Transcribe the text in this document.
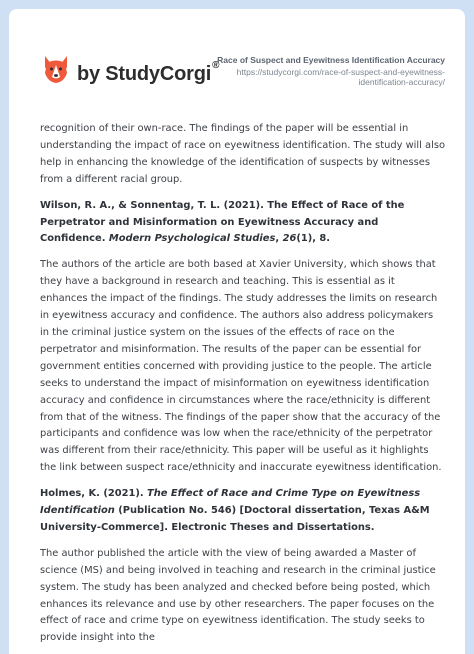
by StudyCorgi®
Race of Suspect and Eyewitness Identification Accuracy
https://studycorgi.com/race-of-suspect-and-eyewitness-identification-accuracy/

recognition of their own-race. The findings of the paper will be essential in understanding the impact of race on eyewitness identification. The study will also help in enhancing the knowledge of the identification of suspects by witnesses from a different racial group.

Wilson, R. A., & Sonnentag, T. L. (2021). The Effect of Race of the Perpetrator and Misinformation on Eyewitness Accuracy and Confidence. Modern Psychological Studies, 26(1), 8.

The authors of the article are both based at Xavier University, which shows that they have a background in research and teaching. This is essential as it enhances the impact of the findings. The study addresses the limits on research in eyewitness accuracy and confidence. The authors also address policymakers in the criminal justice system on the issues of the effects of race on the perpetrator and misinformation. The results of the paper can be essential for government entities concerned with providing justice to the people. The article seeks to understand the impact of misinformation on eyewitness identification accuracy and confidence in circumstances where the race/ethnicity is different from that of the witness. The findings of the paper show that the accuracy of the participants and confidence was low when the race/ethnicity of the perpetrator was different from their race/ethnicity. This paper will be useful as it highlights the link between suspect race/ethnicity and inaccurate eyewitness identification.

Holmes, K. (2021). The Effect of Race and Crime Type on Eyewitness Identification (Publication No. 546) [Doctoral dissertation, Texas A&M University-Commerce]. Electronic Theses and Dissertations.

The author published the article with the view of being awarded a Master of science (MS) and being involved in teaching and research in the criminal justice system. The study has been analyzed and checked before being posted, which enhances its relevance and use by other researchers. The paper focuses on the effect of race and crime type on eyewitness identification. The study seeks to provide insight into the
